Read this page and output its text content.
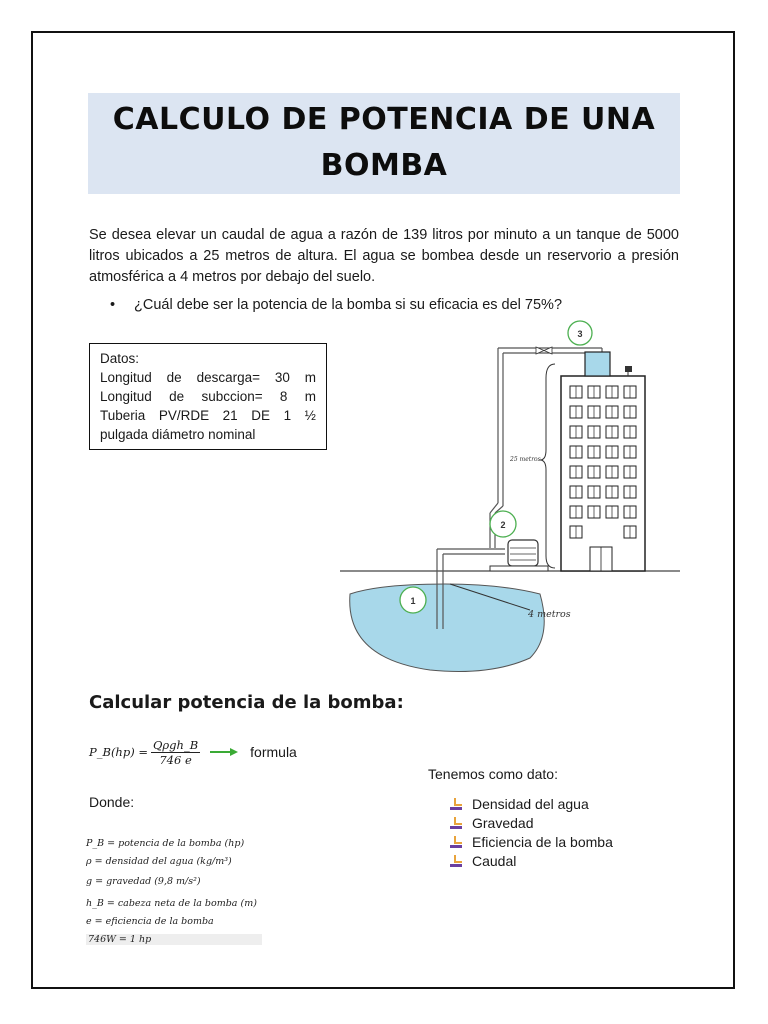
CALCULO DE POTENCIA DE UNA
BOMBA
Se desea elevar un caudal de agua a razón de 139 litros por minuto a un tanque de 5000 litros ubicados a 25 metros de altura. El agua se bombea desde un reservorio a presión atmosférica a 4 metros por debajo del suelo.
• ¿Cuál debe ser la potencia de la bomba si su eficacia es del 75%?
Datos:
Longitud de descarga= 30 m
Longitud de subccion= 8 m
Tuberia PV/RDE 21 DE 1 ½
pulgada diámetro nominal
25 metros
4 metros
3
2
1
Calcular potencia de la bomba:
P_B(hp) = $\frac{\text{Qρgh\_B}}{746 e}$	formula
Tenemos como dato:
Donde:	Densidad del agua
Gravedad
Eficiencia de la bomba
Caudal
P_B = potencia de la bomba (hp)
ρ = densidad del agua (kg/m³)
g = gravedad (9,8 m/s²)
h_B = cabeza neta de la bomba (m)
e = eficiencia de la bomba
746W = 1 hp
